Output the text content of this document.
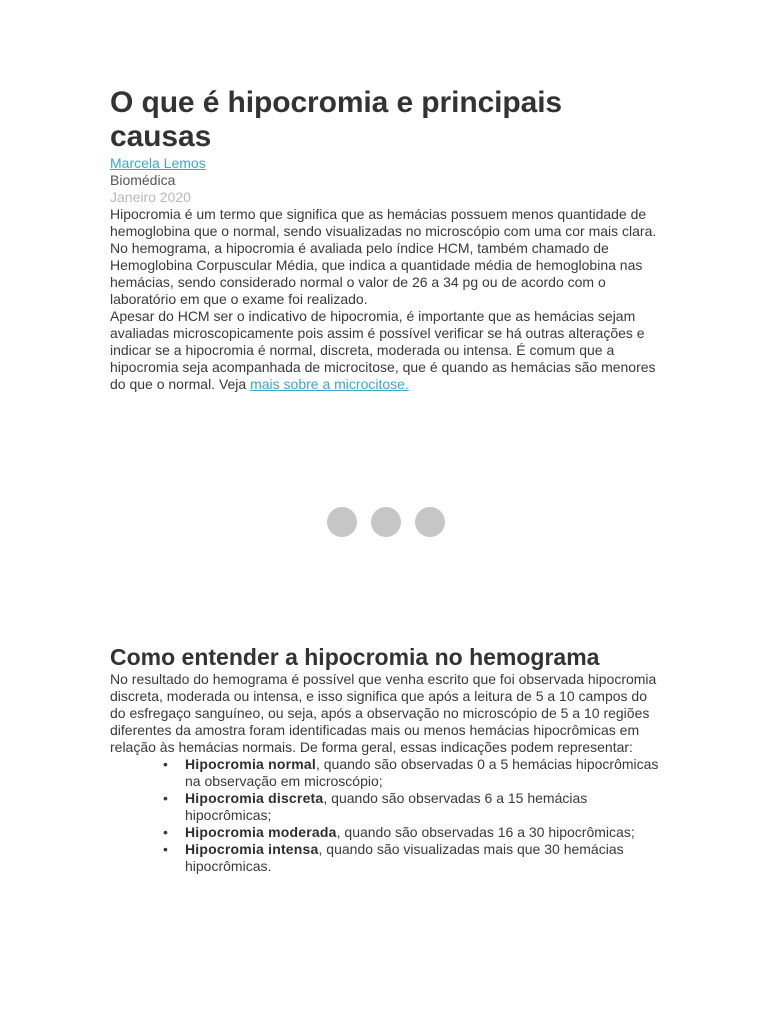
O que é hipocromia e principais causas
Marcela Lemos
Biomédica
Janeiro 2020

Hipocromia é um termo que significa que as hemácias possuem menos quantidade de hemoglobina que o normal, sendo visualizadas no microscópio com uma cor mais clara. No hemograma, a hipocromia é avaliada pelo índice HCM, também chamado de Hemoglobina Corpuscular Média, que indica a quantidade média de hemoglobina nas hemácias, sendo considerado normal o valor de 26 a 34 pg ou de acordo com o laboratório em que o exame foi realizado.

Apesar do HCM ser o indicativo de hipocromia, é importante que as hemácias sejam avaliadas microscopicamente pois assim é possível verificar se há outras alterações e indicar se a hipocromia é normal, discreta, moderada ou intensa. É comum que a hipocromia seja acompanhada de microcitose, que é quando as hemácias são menores do que o normal. Veja mais sobre a microcitose.

Como entender a hipocromia no hemograma

No resultado do hemograma é possível que venha escrito que foi observada hipocromia discreta, moderada ou intensa, e isso significa que após a leitura de 5 a 10 campos do do esfregaço sanguíneo, ou seja, após a observação no microscópio de 5 a 10 regiões diferentes da amostra foram identificadas mais ou menos hemácias hipocrômicas em relação às hemácias normais. De forma geral, essas indicações podem representar:

• Hipocromia normal, quando são observadas 0 a 5 hemácias hipocrômicas na observação em microscópio;
• Hipocromia discreta, quando são observadas 6 a 15 hemácias hipocrômicas;
• Hipocromia moderada, quando são observadas 16 a 30 hipocrômicas;
• Hipocromia intensa, quando são visualizadas mais que 30 hemácias hipocrômicas.
